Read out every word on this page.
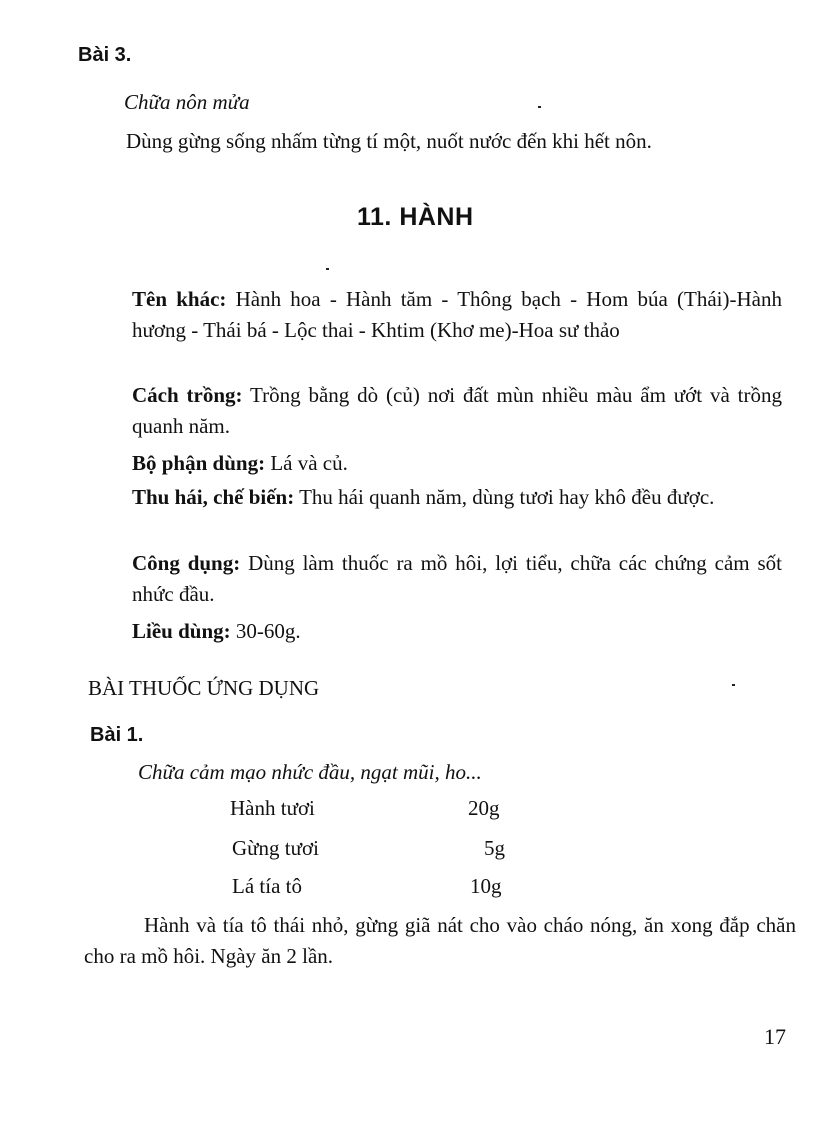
Bài 3.
Chữa nôn mửa
Dùng gừng sống nhấm từng tí một, nuốt nước đến khi hết nôn.
11. HÀNH
Tên khác: Hành hoa - Hành tăm - Thông bạch - Hom búa (Thái)-Hành hương - Thái bá - Lộc thai - Khtim (Khơ me)-Hoa sư thảo
Cách trồng: Trồng bằng dò (củ) nơi đất mùn nhiều màu ẩm ướt và trồng quanh năm.
Bộ phận dùng: Lá và củ.
Thu hái, chế biến: Thu hái quanh năm, dùng tươi hay khô đều được.
Công dụng: Dùng làm thuốc ra mồ hôi, lợi tiểu, chữa các chứng cảm sốt nhức đầu.
Liều dùng: 30-60g.
BÀI THUỐC ỨNG DỤNG
Bài 1.
Chữa cảm mạo nhức đầu, ngạt mũi, ho...
Hành tươi	20g
Gừng tươi	5g
Lá tía tô	10g
Hành và tía tô thái nhỏ, gừng giã nát cho vào cháo nóng, ăn xong đắp chăn cho ra mồ hôi. Ngày ăn 2 lần.
17
